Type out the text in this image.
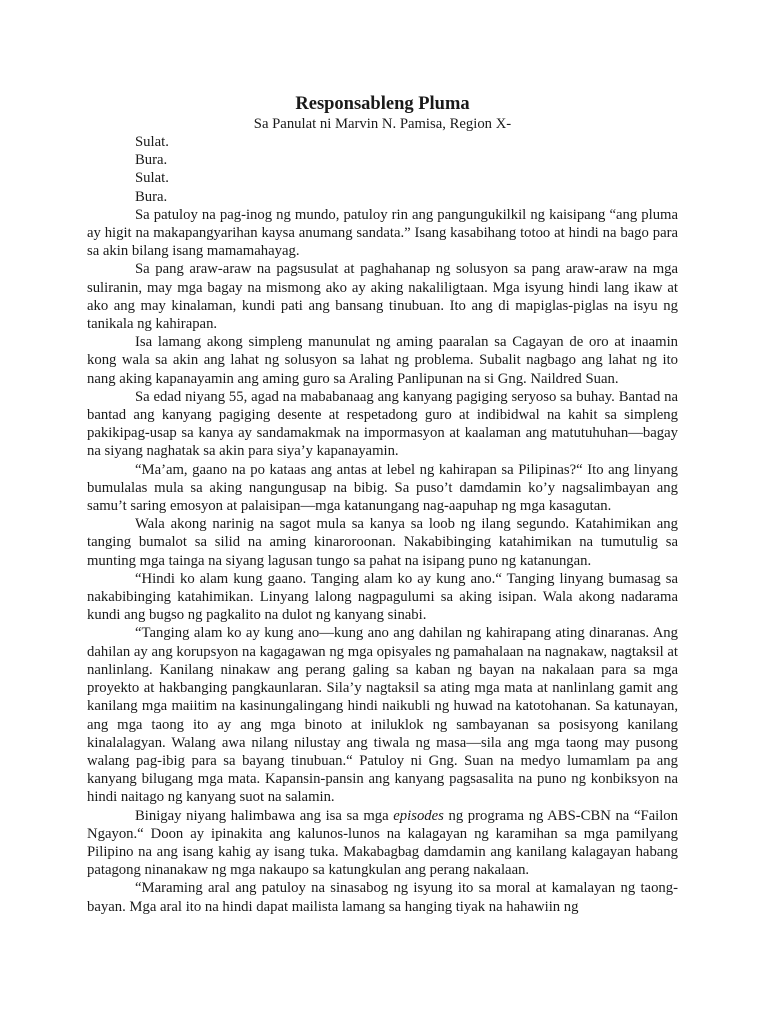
Responsableng Pluma
Sa Panulat ni Marvin N. Pamisa, Region X-

Sulat.

Bura.

Sulat.

Bura.

Sa patuloy na pag-inog ng mundo, patuloy rin ang pangungukilkil ng kaisipang “ang pluma ay higit na makapangyarihan kaysa anumang sandata.” Isang kasabihang totoo at hindi na bago para sa akin bilang isang mamamahayag.

Sa pang araw-araw na pagsusulat at paghahanap ng solusyon sa pang araw-araw na mga suliranin, may mga bagay na mismong ako ay aking nakaliligtaan. Mga isyung hindi lang ikaw at ako ang may kinalaman, kundi pati ang bansang tinubuan. Ito ang di mapiglas-piglas na isyu ng tanikala ng kahirapan.

Isa lamang akong simpleng manunulat ng aming paaralan sa Cagayan de oro at inaamin kong wala sa akin ang lahat ng solusyon sa lahat ng problema. Subalit nagbago ang lahat ng ito nang aking kapanayamin ang aming guro sa Araling Panlipunan na si Gng. Naildred Suan.

Sa edad niyang 55, agad na mababanaag ang kanyang pagiging seryoso sa buhay. Bantad na bantad ang kanyang pagiging desente at respetadong guro at indibidwal na kahit sa simpleng pakikipag-usap sa kanya ay sandamakmak na impormasyon at kaalaman ang matutuhuhan—bagay na siyang naghatak sa akin para siya’y kapanayamin.

“Ma’am, gaano na po kataas ang antas at lebel ng kahirapan sa Pilipinas?“ Ito ang linyang bumulalas mula sa aking nangungusap na bibig. Sa puso’t damdamin ko’y nagsalimbayan ang samu’t saring emosyon at palaisipan—mga katanungang nag-aapuhap ng mga kasagutan.

Wala akong narinig na sagot mula sa kanya sa loob ng ilang segundo. Katahimikan ang tanging bumalot sa silid na aming kinaroroonan. Nakabibinging katahimikan na tumutulig sa munting mga tainga na siyang lagusan tungo sa pahat na isipang puno ng katanungan.

“Hindi ko alam kung gaano. Tanging alam ko ay kung ano.“ Tanging linyang bumasag sa nakabibinging katahimikan. Linyang lalong nagpagulumi sa aking isipan. Wala akong nadarama kundi ang bugso ng pagkalito na dulot ng kanyang sinabi.

“Tanging alam ko ay kung ano—kung ano ang dahilan ng kahirapang ating dinaranas. Ang dahilan ay ang korupsyon na kagagawan ng mga opisyales ng pamahalaan na nagnakaw, nagtaksil at nanlinlang. Kanilang ninakaw ang perang galing sa kaban ng bayan na nakalaan para sa mga proyekto at hakbanging pangkaunlaran. Sila’y nagtaksil sa ating mga mata at nanlinlang gamit ang kanilang mga maiitim na kasinungalingang hindi naikubli ng huwad na katotohanan. Sa katunayan, ang mga taong ito ay ang mga binoto at iniluklok ng sambayanan sa posisyong kanilang kinalalagyan. Walang awa nilang nilustay ang tiwala ng masa—sila ang mga taong may pusong walang pag-ibig para sa bayang tinubuan.“ Patuloy ni Gng. Suan na medyo lumamlam pa ang kanyang bilugang mga mata. Kapansin-pansin ang kanyang pagsasalita na puno ng konbiksyon na hindi naitago ng kanyang suot na salamin.

Binigay niyang halimbawa ang isa sa mga episodes ng programa ng ABS-CBN na “Failon Ngayon.“ Doon ay ipinakita ang kalunos-lunos na kalagayan ng karamihan sa mga pamilyang Pilipino na ang isang kahig ay isang tuka. Makabagbag damdamin ang kanilang kalagayan habang patagong ninanakaw ng mga nakaupo sa katungkulan ang perang nakalaan.

“Maraming aral ang patuloy na sinasabog ng isyung ito sa moral at kamalayan ng taong-bayan. Mga aral ito na hindi dapat mailista lamang sa hanging tiyak na hahawiin ng
